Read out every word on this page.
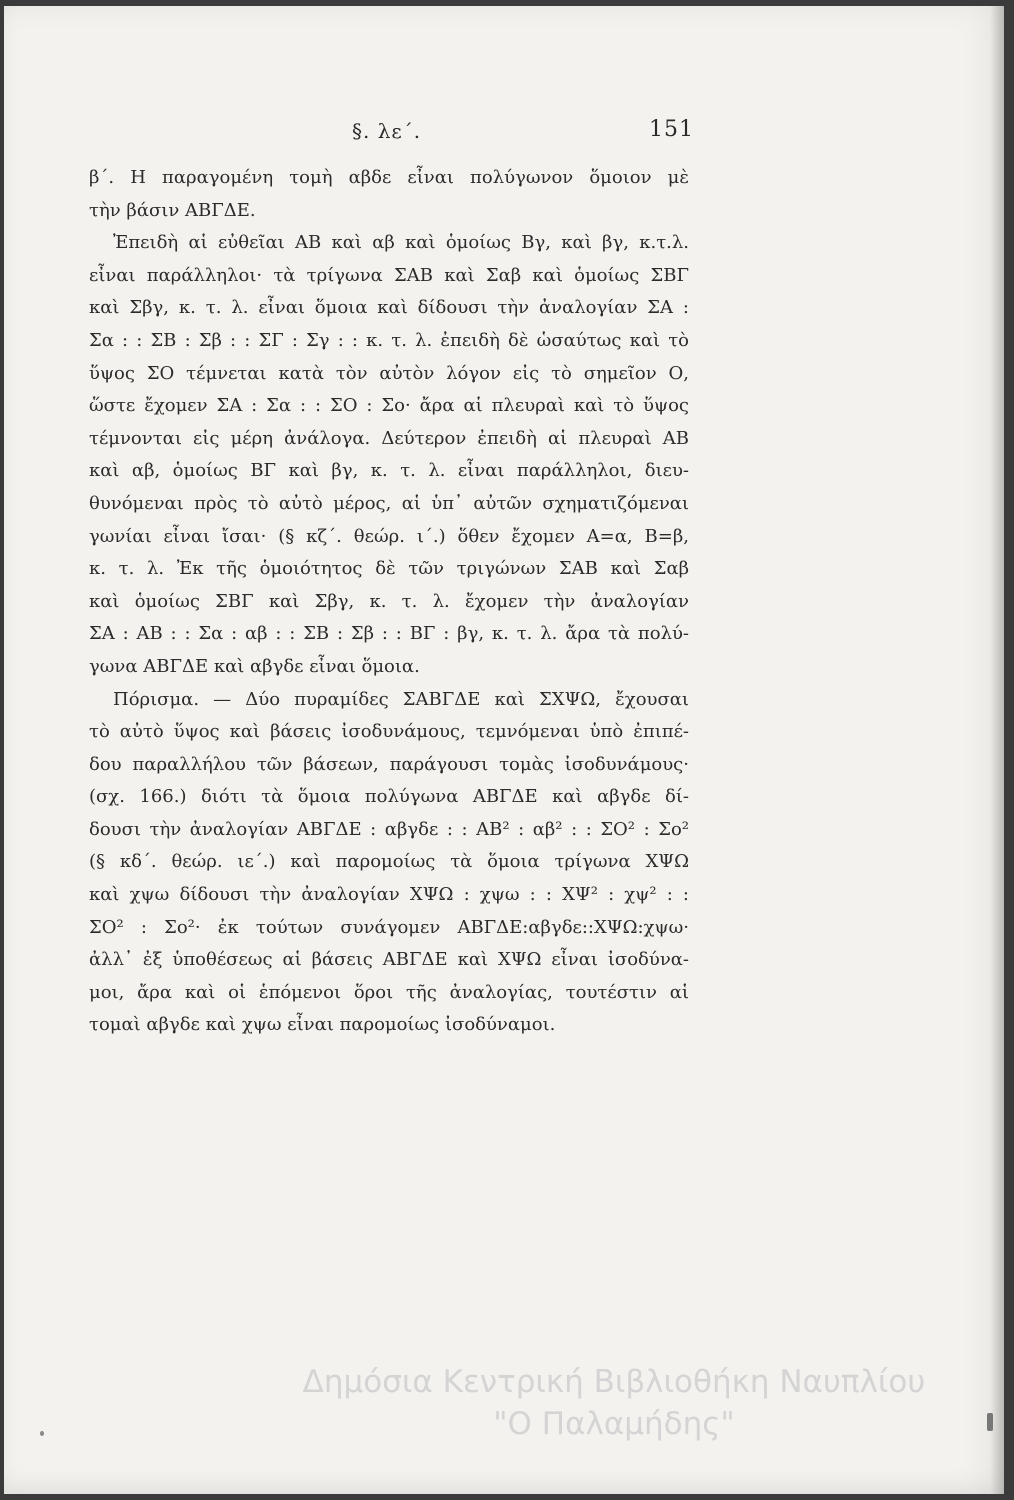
§. λε΄.	151
β΄. Η παραγομένη τομὴ αβδε εἶναι πολύγωνον ὅμοιον μὲ
τὴν βάσιν ΑΒΓΔΕ.
Ἐπειδὴ αἱ εὐθεῖαι ΑΒ καὶ αβ καὶ ὁμοίως Βγ, καὶ βγ, κ.τ.λ.
εἶναι παράλληλοι· τὰ τρίγωνα ΣΑΒ καὶ Σαβ καὶ ὁμοίως ΣΒΓ
καὶ Σβγ, κ. τ. λ. εἶναι ὅμοια καὶ δίδουσι τὴν ἀναλογίαν ΣΑ :
Σα : : ΣΒ : Σβ : : ΣΓ : Σγ : : κ. τ. λ. ἐπειδὴ δὲ ὡσαύτως καὶ τὸ
ὕψος ΣΟ τέμνεται κατὰ τὸν αὐτὸν λόγον εἰς τὸ σημεῖον Ο,
ὥστε ἔχομεν ΣΑ : Σα : : ΣΟ : Σο· ἄρα αἱ πλευραὶ καὶ τὸ ὕψος
τέμνονται εἰς μέρη ἀνάλογα. Δεύτερον ἐπειδὴ αἱ πλευραὶ ΑΒ
καὶ αβ, ὁμοίως ΒΓ καὶ βγ, κ. τ. λ. εἶναι παράλληλοι, διευ-
θυνόμεναι πρὸς τὸ αὐτὸ μέρος, αἱ ὑπ᾽ αὐτῶν σχηματιζόμεναι
γωνίαι εἶναι ἴσαι· (§ κζ΄. θεώρ. ι΄.) ὅθεν ἔχομεν Α=α, Β=β,
κ. τ. λ. Ἐκ τῆς ὁμοιότητος δὲ τῶν τριγώνων ΣΑΒ καὶ Σαβ
καὶ ὁμοίως ΣΒΓ καὶ Σβγ, κ. τ. λ. ἔχομεν τὴν ἀναλογίαν
ΣΑ : ΑΒ : : Σα : αβ : : ΣΒ : Σβ : : ΒΓ : βγ, κ. τ. λ. ἄρα τὰ πολύ-
γωνα ΑΒΓΔΕ καὶ αβγδε εἶναι ὅμοια.
Πόρισμα. — Δύο πυραμίδες ΣΑΒΓΔΕ καὶ ΣΧΨΩ, ἔχουσαι
τὸ αὐτὸ ὕψος καὶ βάσεις ἰσοδυνάμους, τεμνόμεναι ὑπὸ ἐπιπέ-
δου παραλλήλου τῶν βάσεων, παράγουσι τομὰς ἰσοδυνάμους·
(σχ. 166.) διότι τὰ ὅμοια πολύγωνα ΑΒΓΔΕ καὶ αβγδε δί-
δουσι τὴν ἀναλογίαν ΑΒΓΔΕ : αβγδε : : ΑΒ² : αβ² : : ΣΟ² : Σο²
(§ κδ΄. θεώρ. ιε΄.) καὶ παρομοίως τὰ ὅμοια τρίγωνα ΧΨΩ
καὶ χψω δίδουσι τὴν ἀναλογίαν ΧΨΩ : χψω : : ΧΨ² : χψ² : :
ΣΟ² : Σο²· ἐκ τούτων συνάγομεν ΑΒΓΔΕ:αβγδε::ΧΨΩ:χψω·
ἀλλ᾽ ἐξ ὑποθέσεως αἱ βάσεις ΑΒΓΔΕ καὶ ΧΨΩ εἶναι ἰσοδύνα-
μοι, ἄρα καὶ οἱ ἑπόμενοι ὅροι τῆς ἀναλογίας, τουτέστιν αἱ
τομαὶ αβγδε καὶ χψω εἶναι παρομοίως ἰσοδύναμοι.
Δημόσια Κεντρική Βιβλιοθήκη Ναυπλίου
"Ο Παλαμήδης"
